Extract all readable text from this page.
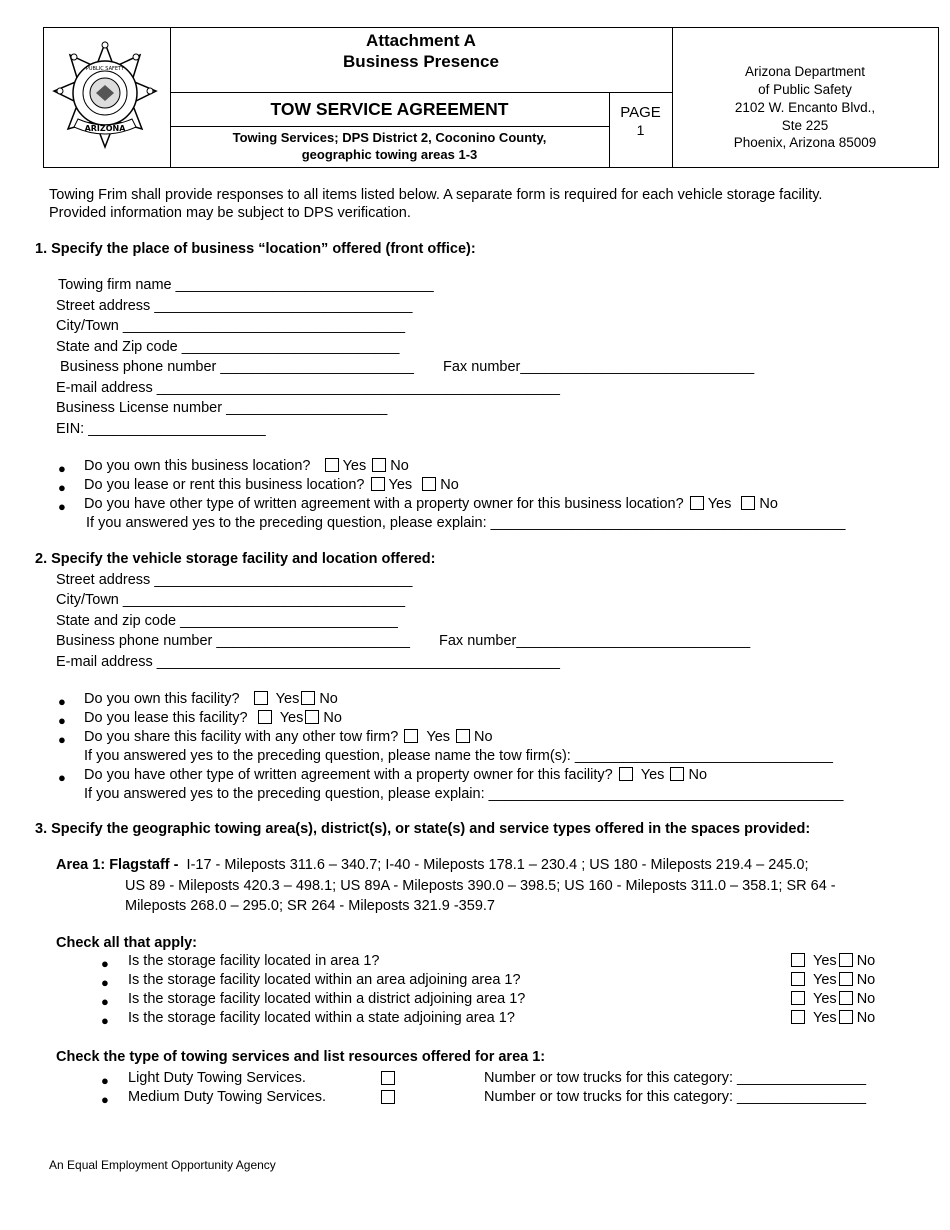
ARIZONA
PUBLIC SAFETY
Attachment A
Business Presence
TOW SERVICE AGREEMENT
Towing Services; DPS District 2, Coconino County,
geographic towing areas 1-3
PAGE
1
Arizona Department
of Public Safety
2102 W. Encanto Blvd.,
Ste 225
Phoenix, Arizona 85009
Towing Frim shall provide responses to all items listed below. A separate form is required for each vehicle storage facility.
Provided information may be subject to DPS verification.
1. Specify the place of business “location” offered (front office):
Towing firm name ________________________________
Street address ________________________________
City/Town ___________________________________
State and Zip code ___________________________
Business phone number ________________________ Fax number_____________________________
E-mail address __________________________________________________
Business License number ____________________
EIN: ______________________
● Do you own this business location? Yes No
● Do you lease or rent this business location? Yes No
● Do you have other type of written agreement with a property owner for this business location? Yes No
If you answered yes to the preceding question, please explain: ____________________________________________
2. Specify the vehicle storage facility and location offered:
Street address ________________________________
City/Town ___________________________________
State and zip code ___________________________
Business phone number ________________________ Fax number_____________________________
E-mail address __________________________________________________
● Do you own this facility? Yes No
● Do you lease this facility? Yes No
● Do you share this facility with any other tow firm? Yes No
If you answered yes to the preceding question, please name the tow firm(s): ________________________________
● Do you have other type of written agreement with a property owner for this facility? Yes No
If you answered yes to the preceding question, please explain: ____________________________________________
3. Specify the geographic towing area(s), district(s), or state(s) and service types offered in the spaces provided:
Area 1: Flagstaff - I-17 - Mileposts 311.6 – 340.7; I-40 - Mileposts 178.1 – 230.4 ; US 180 - Mileposts 219.4 – 245.0;
US 89 - Mileposts 420.3 – 498.1; US 89A - Mileposts 390.0 – 398.5; US 160 - Mileposts 311.0 – 358.1; SR 64 -
Mileposts 268.0 – 295.0; SR 264 - Mileposts 321.9 -359.7
Check all that apply:
● Is the storage facility located in area 1?	Yes No
● Is the storage facility located within an area adjoining area 1?	Yes No
● Is the storage facility located within a district adjoining area 1?	Yes No
● Is the storage facility located within a state adjoining area 1?	Yes No
Check the type of towing services and list resources offered for area 1:
● Light Duty Towing Services.	Number or tow trucks for this category: ________________
● Medium Duty Towing Services.	Number or tow trucks for this category: ________________
An Equal Employment Opportunity Agency
